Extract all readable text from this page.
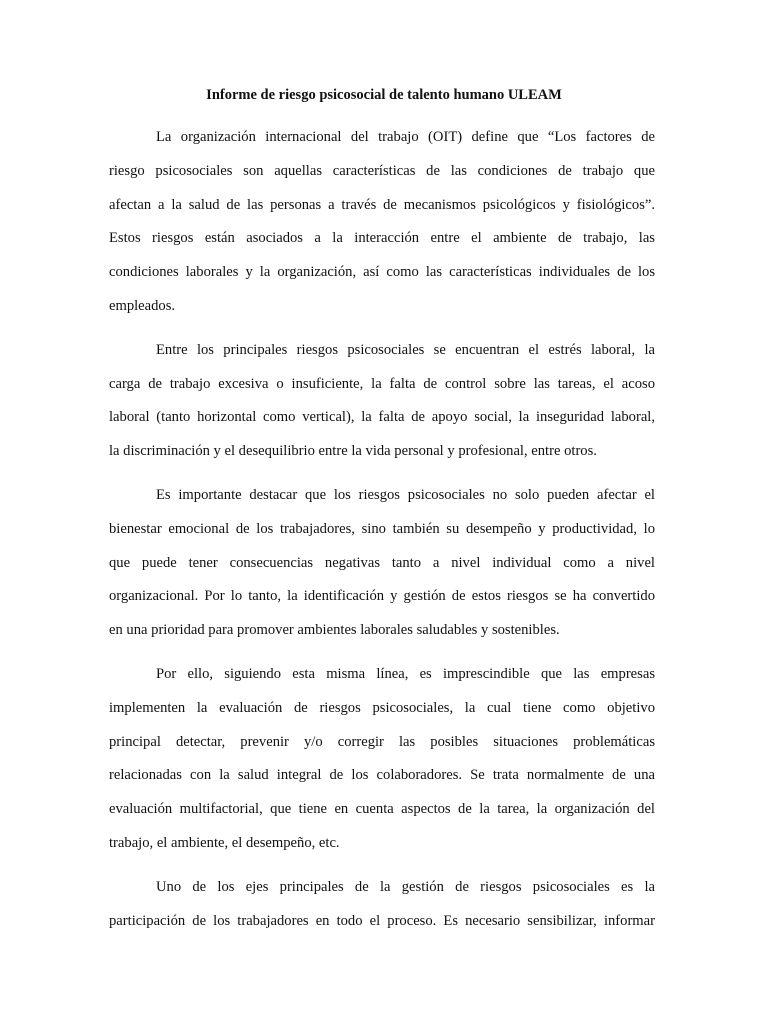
Informe de riesgo psicosocial de talento humano ULEAM

La organización internacional del trabajo (OIT) define que “Los factores de
riesgo psicosociales son aquellas características de las condiciones de trabajo que
afectan a la salud de las personas a través de mecanismos psicológicos y fisiológicos”.
Estos riesgos están asociados a la interacción entre el ambiente de trabajo, las
condiciones laborales y la organización, así como las características individuales de los
empleados.

Entre los principales riesgos psicosociales se encuentran el estrés laboral, la
carga de trabajo excesiva o insuficiente, la falta de control sobre las tareas, el acoso
laboral (tanto horizontal como vertical), la falta de apoyo social, la inseguridad laboral,
la discriminación y el desequilibrio entre la vida personal y profesional, entre otros.

Es importante destacar que los riesgos psicosociales no solo pueden afectar el
bienestar emocional de los trabajadores, sino también su desempeño y productividad, lo
que puede tener consecuencias negativas tanto a nivel individual como a nivel
organizacional. Por lo tanto, la identificación y gestión de estos riesgos se ha convertido
en una prioridad para promover ambientes laborales saludables y sostenibles.

Por ello, siguiendo esta misma línea, es imprescindible que las empresas
implementen la evaluación de riesgos psicosociales, la cual tiene como objetivo
principal detectar, prevenir y/o corregir las posibles situaciones problemáticas
relacionadas con la salud integral de los colaboradores. Se trata normalmente de una
evaluación multifactorial, que tiene en cuenta aspectos de la tarea, la organización del
trabajo, el ambiente, el desempeño, etc.

Uno de los ejes principales de la gestión de riesgos psicosociales es la
participación de los trabajadores en todo el proceso. Es necesario sensibilizar, informar
